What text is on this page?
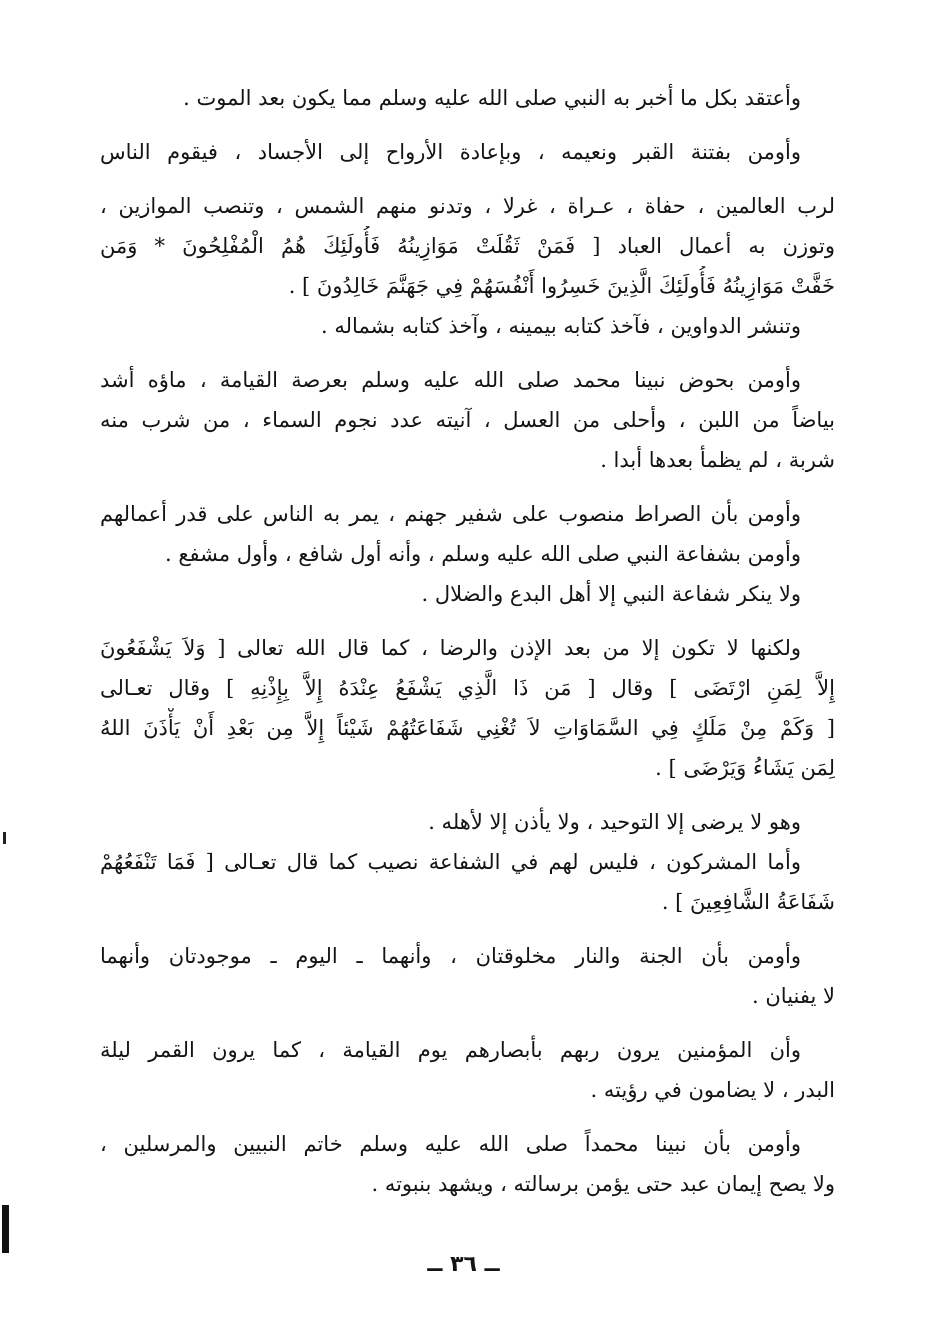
وأعتقد بكل ما أخبر به النبي صلى الله عليه وسلم مما يكون بعد الموت .
وأومن بفتنة القبر ونعيمه ، وبإعادة الأرواح إلى الأجساد ، فيقوم الناس
لرب العالمين ، حفاة ، عـراة ، غرلا ، وتدنو منهم الشمس ، وتنصب الموازين ،
وتوزن به أعمال العباد [ فَمَنْ ثَقُلَتْ مَوَازِينُهُ فَأُولَئِكَ هُمُ الْمُفْلِحُونَ * وَمَن
خَفَّتْ مَوَازِينُهُ فَأُولَئِكَ الَّذِينَ خَسِرُوا أَنْفُسَهُمْ فِي جَهَنَّمَ خَالِدُونَ ] .
وتنشر الدواوين ، فآخذ كتابه بيمينه ، وآخذ كتابه بشماله .
وأومن بحوض نبينا محمد صلى الله عليه وسلم بعرصة القيامة ، ماؤه أشد
بياضاً من اللبن ، وأحلى من العسل ، آنيته عدد نجوم السماء ، من شرب منه
شربة ، لم يظمأ بعدها أبدا .
وأومن بأن الصراط منصوب على شفير جهنم ، يمر به الناس على قدر أعمالهم
وأومن بشفاعة النبي صلى الله عليه وسلم ، وأنه أول شافع ، وأول مشفع .
ولا ينكر شفاعة النبي إلا أهل البدع والضلال .
ولكنها لا تكون إلا من بعد الإذن والرضا ، كما قال الله تعالى [ وَلاَ يَشْفَعُونَ
إِلاَّ لِمَنِ ارْتَضَى ] وقال [ مَن ذَا الَّذِي يَشْفَعُ عِنْدَهُ إِلاَّ بِإِذْنِهِ ] وقال تعـالى
[ وَكَمْ مِنْ مَلَكٍ فِي السَّمَاوَاتِ لاَ تُغْنِي شَفَاعَتُهُمْ شَيْئاً إِلاَّ مِن بَعْدِ أَنْ يَأْذَنَ اللهُ
لِمَن يَشَاءُ وَيَرْضَى ] .
وهو لا يرضى إلا التوحيد ، ولا يأذن إلا لأهله .
وأما المشركون ، فليس لهم في الشفاعة نصيب كما قال تعـالى [ فَمَا تَنْفَعُهُمْ
شَفَاعَةُ الشَّافِعِينَ ] .
وأومن بأن الجنة والنار مخلوقتان ، وأنهما ـ اليوم ـ موجودتان وأنهما
لا يفنيان .
وأن المؤمنين يرون ربهم بأبصارهم يوم القيامة ، كما يرون القمر ليلة
البدر ، لا يضامون في رؤيته .
وأومن بأن نبينا محمداً صلى الله عليه وسلم خاتم النبيين والمرسلين ،
ولا يصح إيمان عبد حتى يؤمن برسالته ، ويشهد بنبوته .
ــ ٣٦ ــ
